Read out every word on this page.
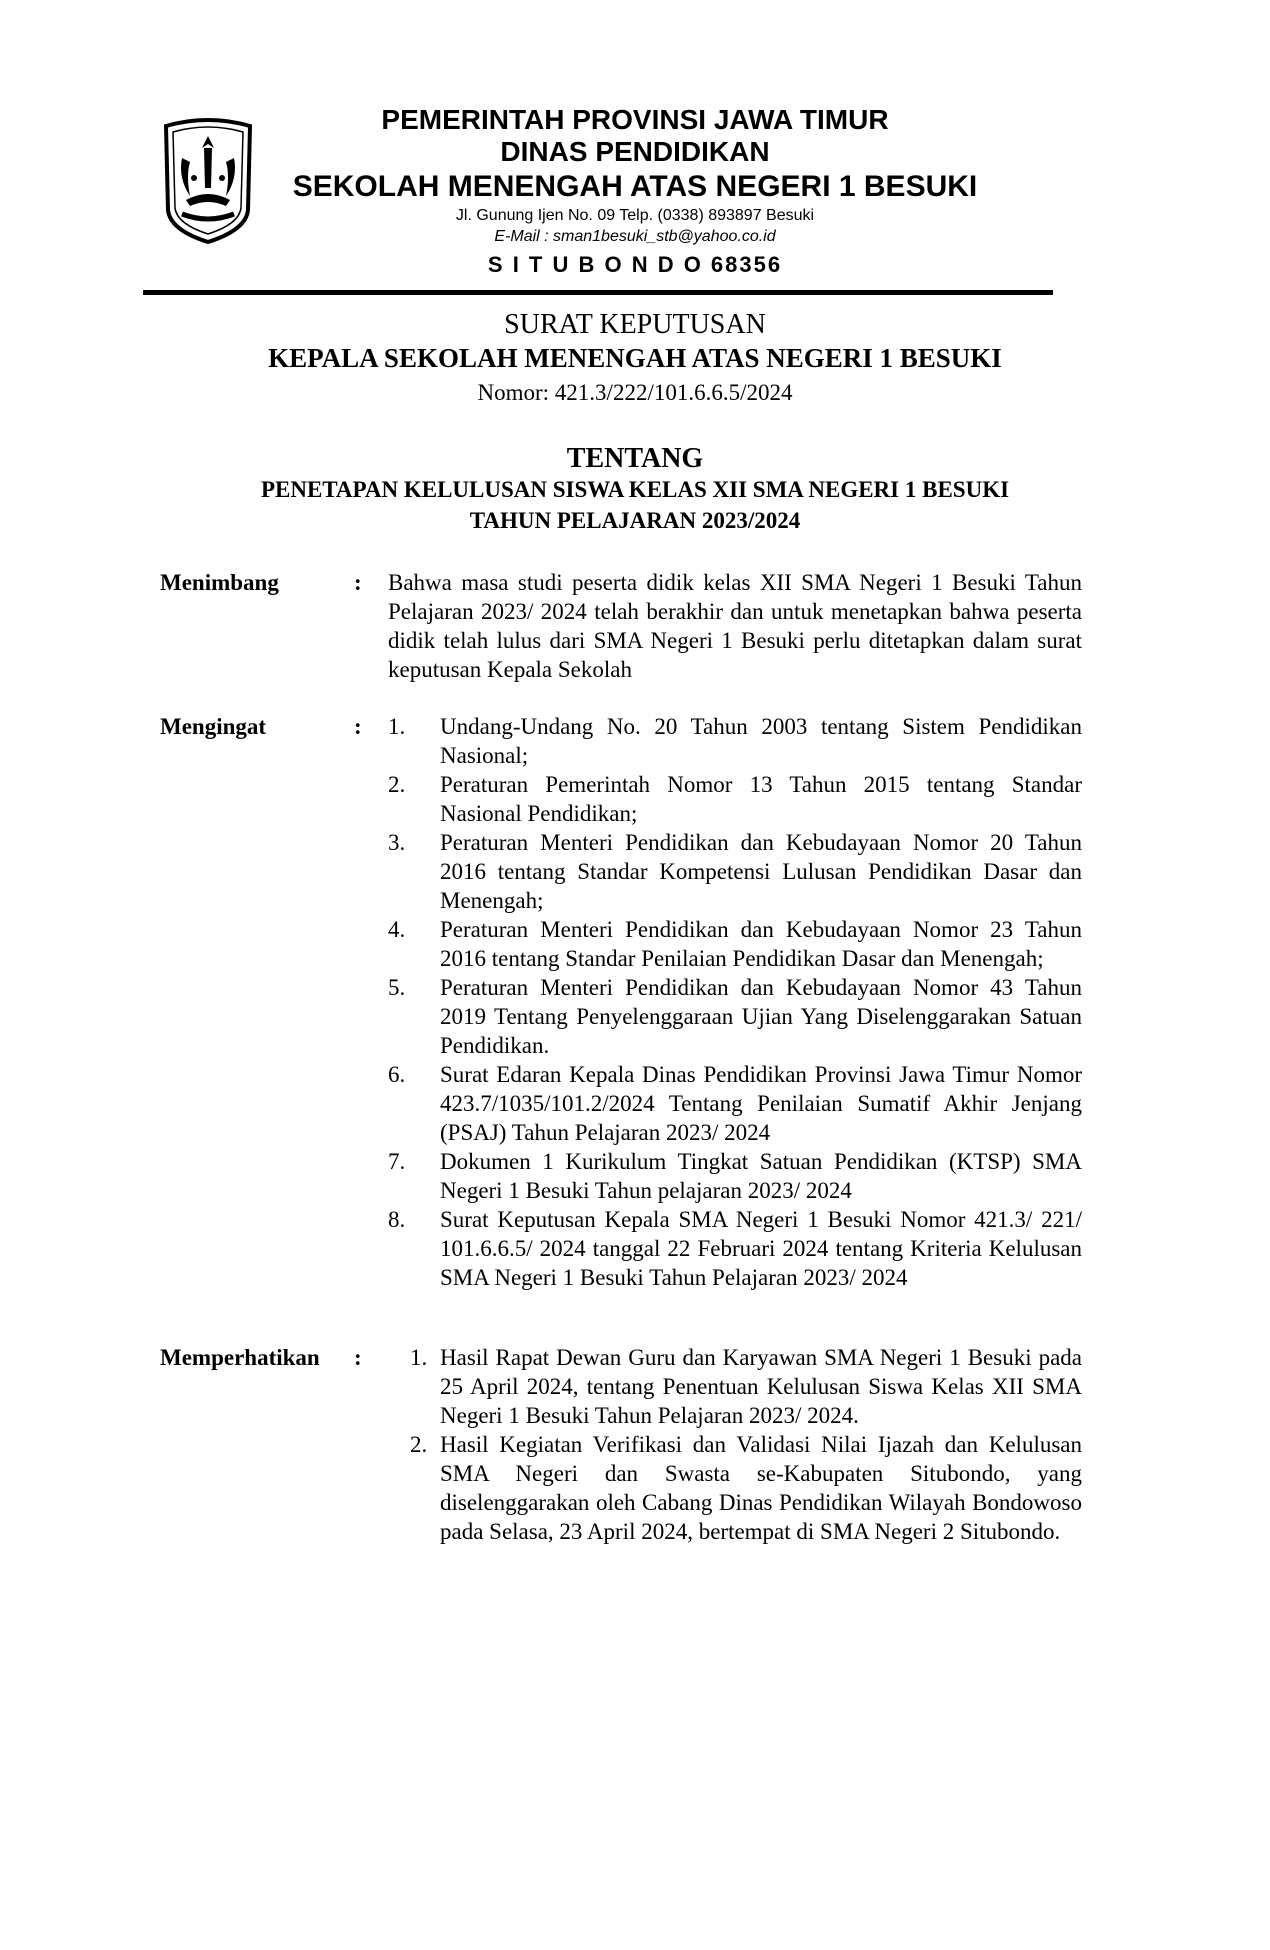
PEMERINTAH PROVINSI JAWA TIMUR
DINAS PENDIDIKAN
SEKOLAH MENENGAH ATAS NEGERI 1 BESUKI
Jl. Gunung Ijen No. 09 Telp. (0338) 893897 Besuki
E-Mail : sman1besuki_stb@yahoo.co.id
S I T U B O N D O 68356
SURAT KEPUTUSAN
KEPALA SEKOLAH MENENGAH ATAS NEGERI 1 BESUKI
Nomor: 421.3/222/101.6.6.5/2024
TENTANG
PENETAPAN KELULUSAN SISWA KELAS XII SMA NEGERI 1 BESUKI
TAHUN PELAJARAN 2023/2024
Menimbang	: Bahwa masa studi peserta didik kelas XII SMA Negeri 1 Besuki Tahun Pelajaran 2023/ 2024 telah berakhir dan untuk menetapkan bahwa peserta didik telah lulus dari SMA Negeri 1 Besuki perlu ditetapkan dalam surat keputusan Kepala Sekolah
Mengingat	: 1.	Undang-Undang No. 20 Tahun 2003 tentang Sistem Pendidikan Nasional;
2.	Peraturan Pemerintah Nomor 13 Tahun 2015 tentang Standar Nasional Pendidikan;
3.	Peraturan Menteri Pendidikan dan Kebudayaan Nomor 20 Tahun 2016 tentang Standar Kompetensi Lulusan Pendidikan Dasar dan Menengah;
4.	Peraturan Menteri Pendidikan dan Kebudayaan Nomor 23 Tahun 2016 tentang Standar Penilaian Pendidikan Dasar dan Menengah;
5.	Peraturan Menteri Pendidikan dan Kebudayaan Nomor 43 Tahun 2019 Tentang Penyelenggaraan Ujian Yang Diselenggarakan Satuan Pendidikan.
6.	Surat Edaran Kepala Dinas Pendidikan Provinsi Jawa Timur Nomor 423.7/1035/101.2/2024 Tentang Penilaian Sumatif Akhir Jenjang (PSAJ) Tahun Pelajaran 2023/ 2024
7.	Dokumen 1 Kurikulum Tingkat Satuan Pendidikan (KTSP) SMA Negeri 1 Besuki Tahun pelajaran 2023/ 2024
8.	Surat Keputusan Kepala SMA Negeri 1 Besuki Nomor 421.3/ 221/ 101.6.6.5/ 2024 tanggal 22 Februari 2024 tentang Kriteria Kelulusan SMA Negeri 1 Besuki Tahun Pelajaran 2023/ 2024
Memperhatikan :	1. Hasil Rapat Dewan Guru dan Karyawan SMA Negeri 1 Besuki pada 25 April 2024, tentang Penentuan Kelulusan Siswa Kelas XII SMA Negeri 1 Besuki Tahun Pelajaran 2023/ 2024.
2. Hasil Kegiatan Verifikasi dan Validasi Nilai Ijazah dan Kelulusan SMA Negeri dan Swasta se-Kabupaten Situbondo, yang diselenggarakan oleh Cabang Dinas Pendidikan Wilayah Bondowoso pada Selasa, 23 April 2024, bertempat di SMA Negeri 2 Situbondo.
